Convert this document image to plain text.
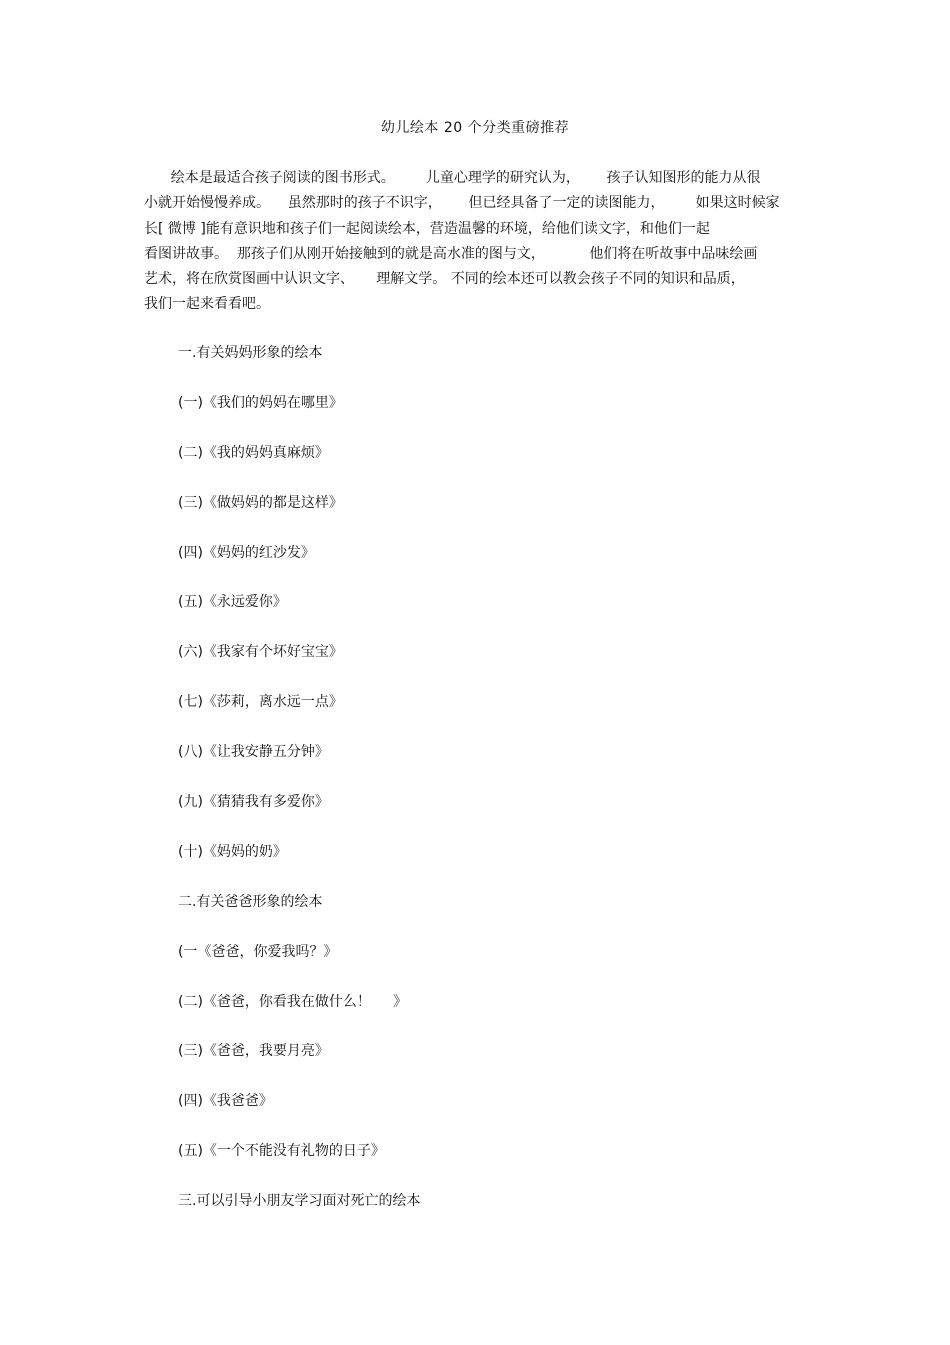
幼儿绘本 20 个分类重磅推荐
绘本是最适合孩子阅读的图书形式。       儿童心理学的研究认为，      孩子认知图形的能力从很
小就开始慢慢养成。    虽然那时的孩子不识字，      但已经具备了一定的读图能力，       如果这时候家
长[ 微博 ]能有意识地和孩子们一起阅读绘本，营造温馨的环境，给他们读文字，和他们一起
看图讲故事。  那孩子们从刚开始接触到的就是高水准的图与文，          他们将在听故事中品味绘画
艺术，将在欣赏图画中认识文字、     理解文学。 不同的绘本还可以教会孩子不同的知识和品质，
我们一起来看看吧。
一.有关妈妈形象的绘本
(一)《我们的妈妈在哪里》
(二)《我的妈妈真麻烦》
(三)《做妈妈的都是这样》
(四)《妈妈的红沙发》
(五)《永远爱你》
(六)《我家有个坏好宝宝》
(七)《莎莉，离水远一点》
(八)《让我安静五分钟》
(九)《猜猜我有多爱你》
(十)《妈妈的奶》
二.有关爸爸形象的绘本
(一《爸爸，你爱我吗？》
(二)《爸爸，你看我在做什么！     》
(三)《爸爸，我要月亮》
(四)《我爸爸》
(五)《一个不能没有礼物的日子》
三.可以引导小朋友学习面对死亡的绘本
